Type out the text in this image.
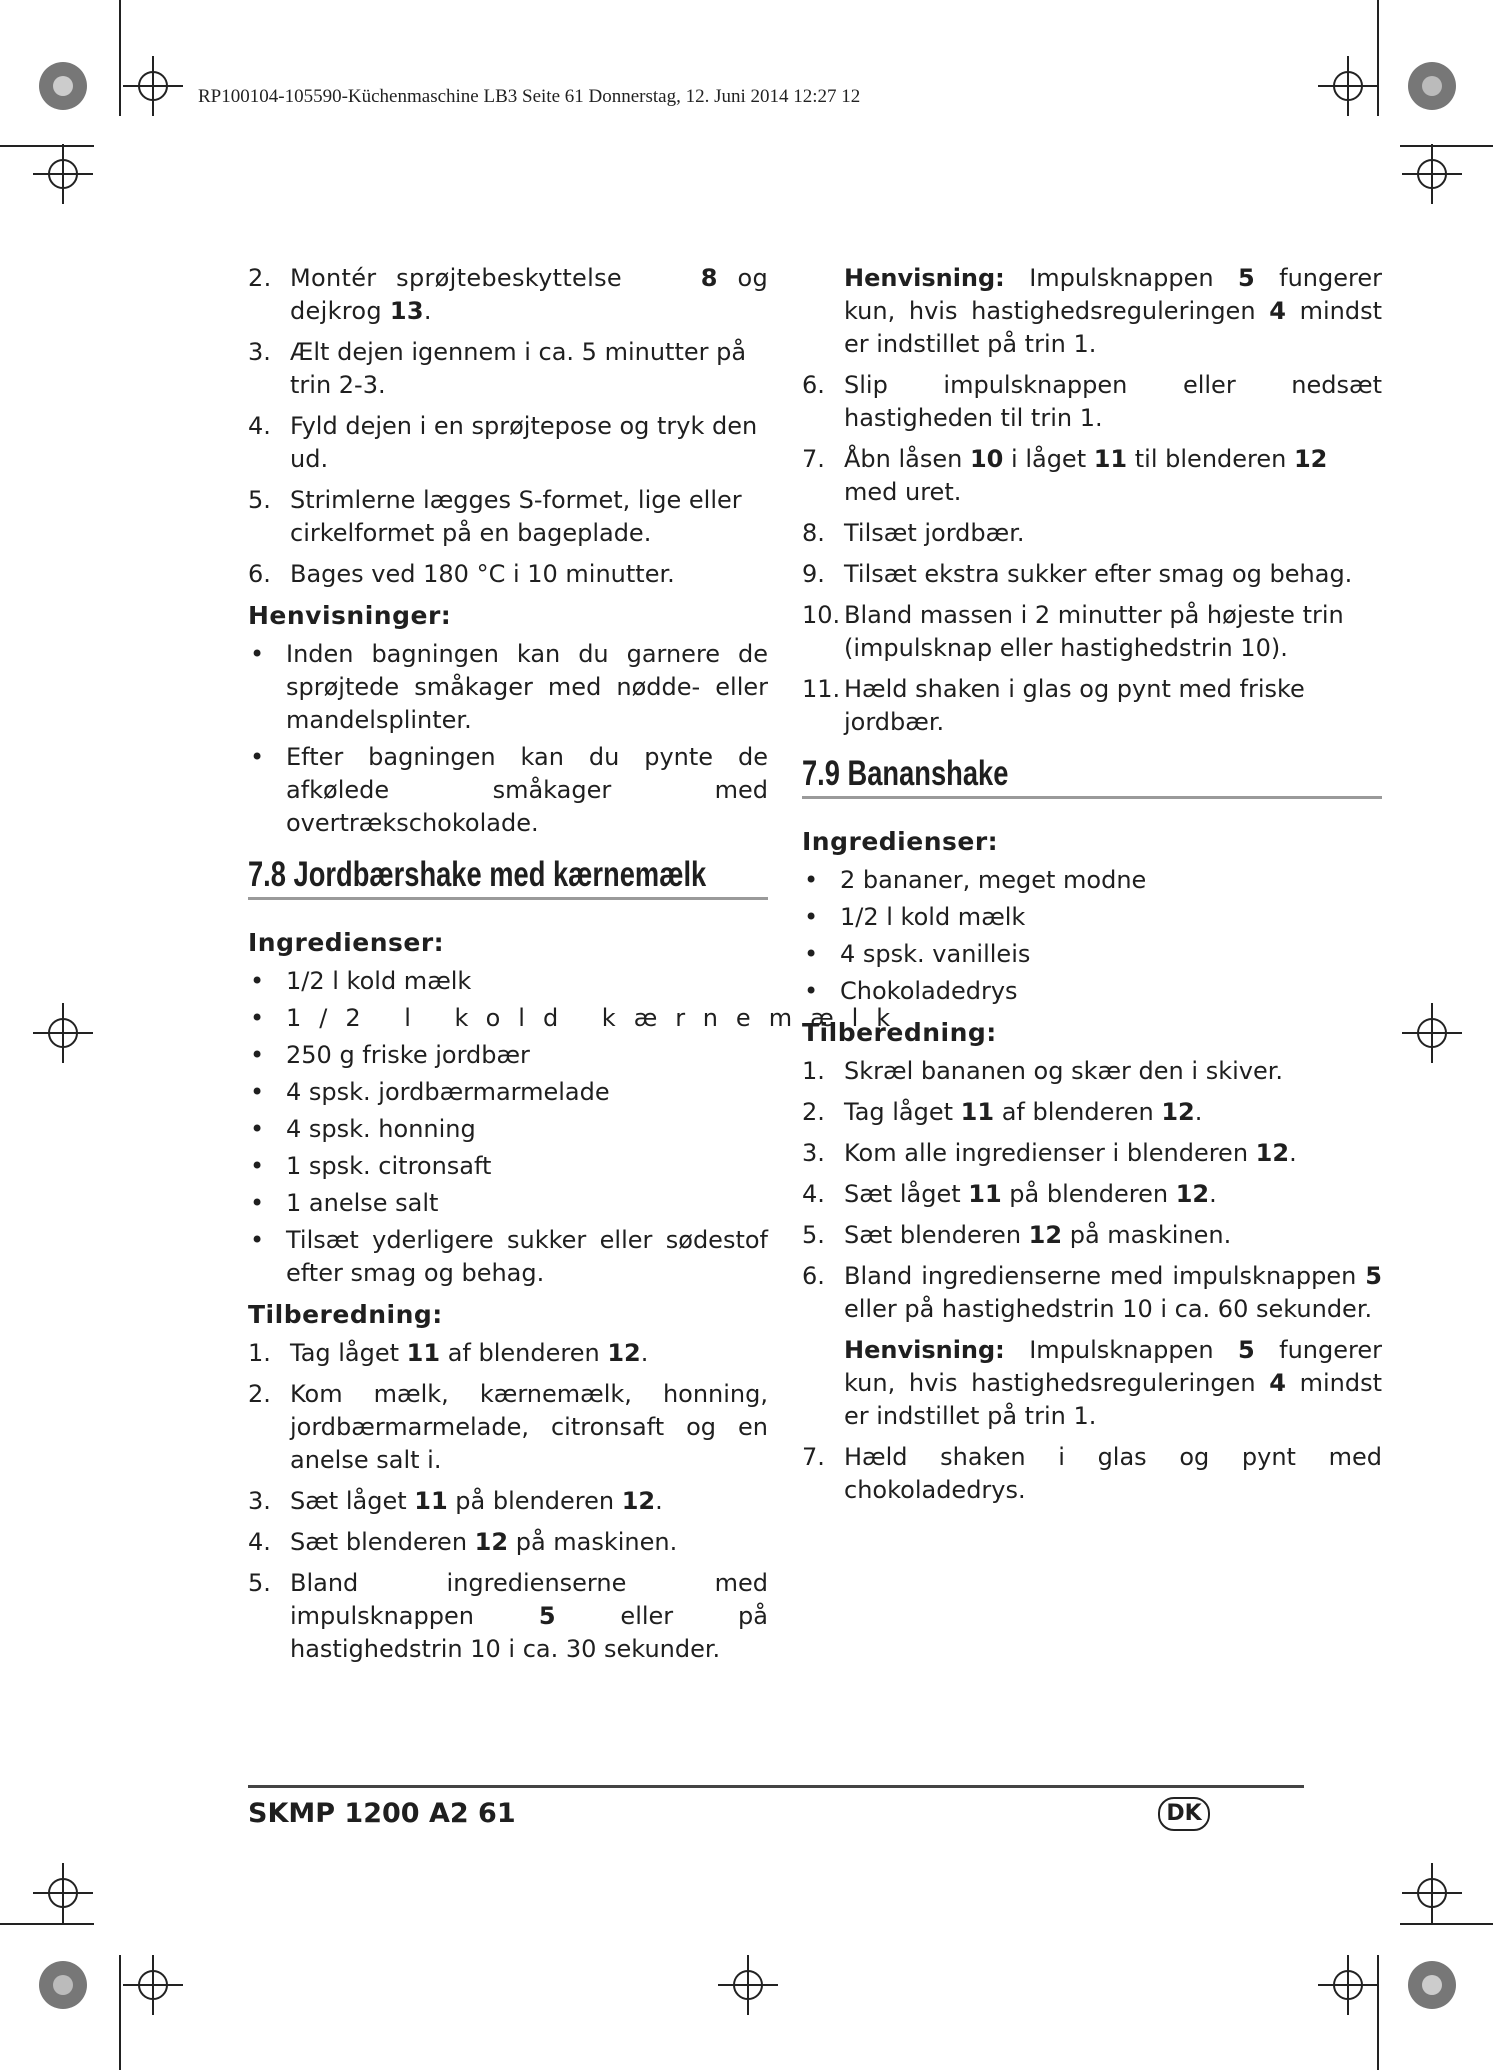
RP100104-105590-Küchenmaschine LB3 Seite 61 Donnerstag, 12. Juni 2014 12:27 12
2. Montér sprøjtebeskyttelse	8 og dejkrog 13.
3. Ælt dejen igennem i ca. 5 minutter på trin 2-3.
4. Fyld dejen i en sprøjtepose og tryk den ud.
5. Strimlerne lægges S-formet, lige eller cirkelformet på en bageplade.
6. Bages ved 180 °C i 10 minutter.
Henvisninger:
• Inden bagningen kan du garnere de sprøjtede småkager med nødde- eller mandelsplinter.
• Efter bagningen kan du pynte de afkølede småkager med overtrækschokolade.
7.8 Jordbærshake med kærnemælk
Ingredienser:
• 1/2 l kold mælk
• 1/2 l kold kærnemælk
• 250 g friske jordbær
• 4 spsk. jordbærmarmelade
• 4 spsk. honning
• 1 spsk. citronsaft
• 1 anelse salt
• Tilsæt yderligere sukker eller sødestof efter smag og behag.
Tilberedning:
1. Tag låget 11 af blenderen 12.
2. Kom mælk, kærnemælk, honning, jordbærmarmelade, citronsaft og en anelse salt i.
3. Sæt låget 11 på blenderen 12.
4. Sæt blenderen 12 på maskinen.
5. Bland ingredienserne med impulsknappen 5 eller på hastighedstrin 10 i ca. 30 sekunder.
Henvisning: Impulsknappen 5 fungerer kun, hvis hastighedsreguleringen 4 mindst er indstillet på trin 1.
6. Slip impulsknappen eller nedsæt hastigheden til trin 1.
7. Åbn låsen 10 i låget 11 til blenderen 12 med uret.
8. Tilsæt jordbær.
9. Tilsæt ekstra sukker efter smag og behag.
10. Bland massen i 2 minutter på højeste trin (impulsknap eller hastighedstrin 10).
11. Hæld shaken i glas og pynt med friske jordbær.
7.9 Bananshake
Ingredienser:
• 2 bananer, meget modne
• 1/2 l kold mælk
• 4 spsk. vanilleis
• Chokoladedrys
Tilberedning:
1. Skræl bananen og skær den i skiver.
2. Tag låget 11 af blenderen 12.
3. Kom alle ingredienser i blenderen 12.
4. Sæt låget 11 på blenderen 12.
5. Sæt blenderen 12 på maskinen.
6. Bland ingredienserne med impulsknappen 5 eller på hastighedstrin 10 i ca. 60 sekunder.
Henvisning: Impulsknappen 5 fungerer kun, hvis hastighedsreguleringen 4 mindst er indstillet på trin 1.
7. Hæld shaken i glas og pynt med chokoladedrys.
SKMP 1200 A2 61	DK
